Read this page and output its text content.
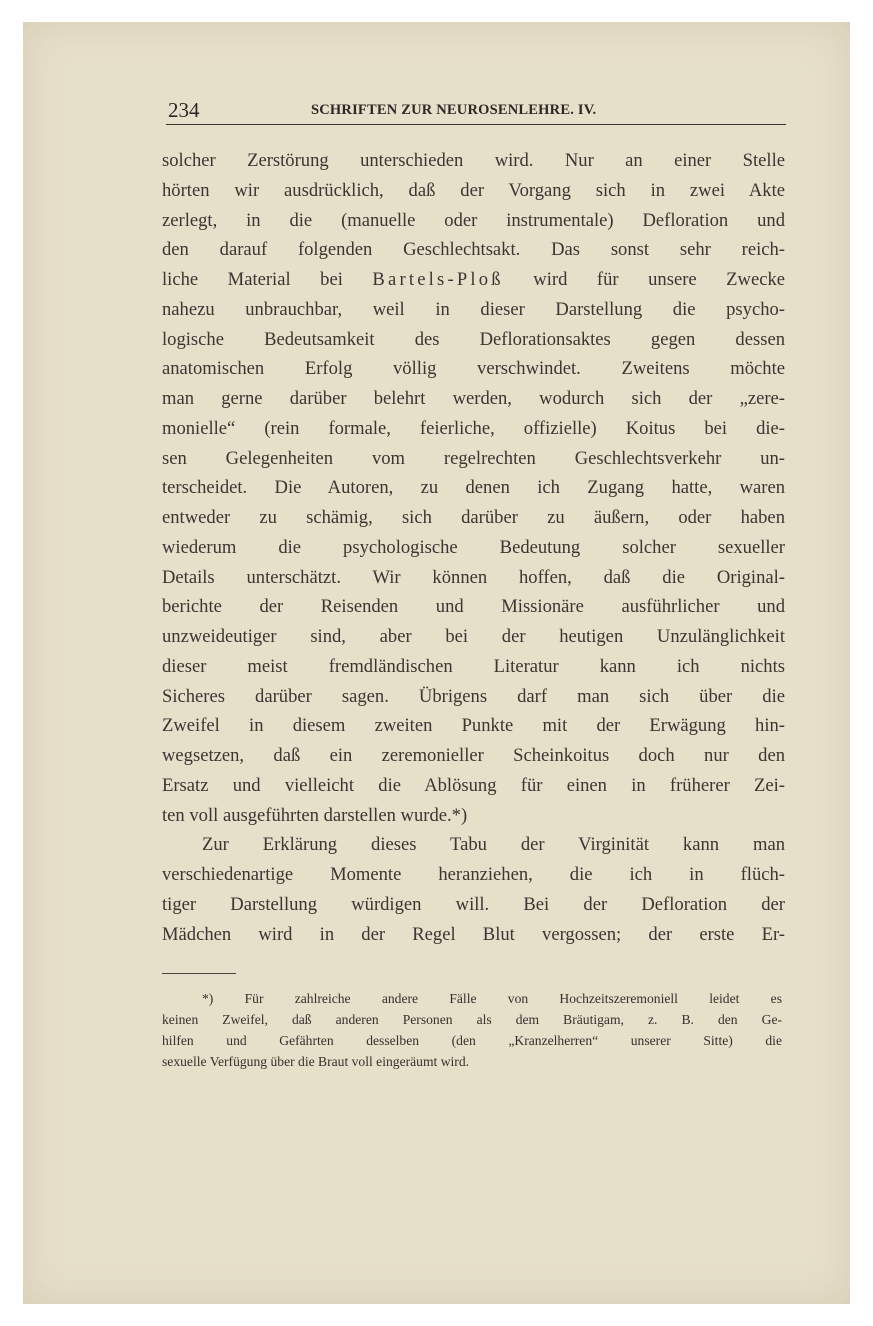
234	SCHRIFTEN ZUR NEUROSENLEHRE. IV.
solcher Zerstörung unterschieden wird. Nur an einer Stelle
hörten wir ausdrücklich, daß der Vorgang sich in zwei Akte
zerlegt, in die (manuelle oder instrumentale) Defloration und
den darauf folgenden Geschlechtsakt. Das sonst sehr reich-
liche Material bei Bartels-Ploß wird für unsere Zwecke
nahezu unbrauchbar, weil in dieser Darstellung die psycho-
logische Bedeutsamkeit des Deflorationsaktes gegen dessen
anatomischen Erfolg völlig verschwindet. Zweitens möchte
man gerne darüber belehrt werden, wodurch sich der „zere-
monielle“ (rein formale, feierliche, offizielle) Koitus bei die-
sen Gelegenheiten vom regelrechten Geschlechtsverkehr un-
terscheidet. Die Autoren, zu denen ich Zugang hatte, waren
entweder zu schämig, sich darüber zu äußern, oder haben
wiederum die psychologische Bedeutung solcher sexueller
Details unterschätzt. Wir können hoffen, daß die Original-
berichte der Reisenden und Missionäre ausführlicher und
unzweideutiger sind, aber bei der heutigen Unzulänglichkeit
dieser meist fremdländischen Literatur kann ich nichts
Sicheres darüber sagen. Übrigens darf man sich über die
Zweifel in diesem zweiten Punkte mit der Erwägung hin-
wegsetzen, daß ein zeremonieller Scheinkoitus doch nur den
Ersatz und vielleicht die Ablösung für einen in früherer Zei-
ten voll ausgeführten darstellen wurde.*)
Zur Erklärung dieses Tabu der Virginität kann man
verschiedenartige Momente heranziehen, die ich in flüch-
tiger Darstellung würdigen will. Bei der Defloration der
Mädchen wird in der Regel Blut vergossen; der erste Er-
*) Für zahlreiche andere Fälle von Hochzeitszeremoniell leidet es
keinen Zweifel, daß anderen Personen als dem Bräutigam, z. B. den Ge-
hilfen und Gefährten desselben (den „Kranzelherren“ unserer Sitte) die
sexuelle Verfügung über die Braut voll eingeräumt wird.
